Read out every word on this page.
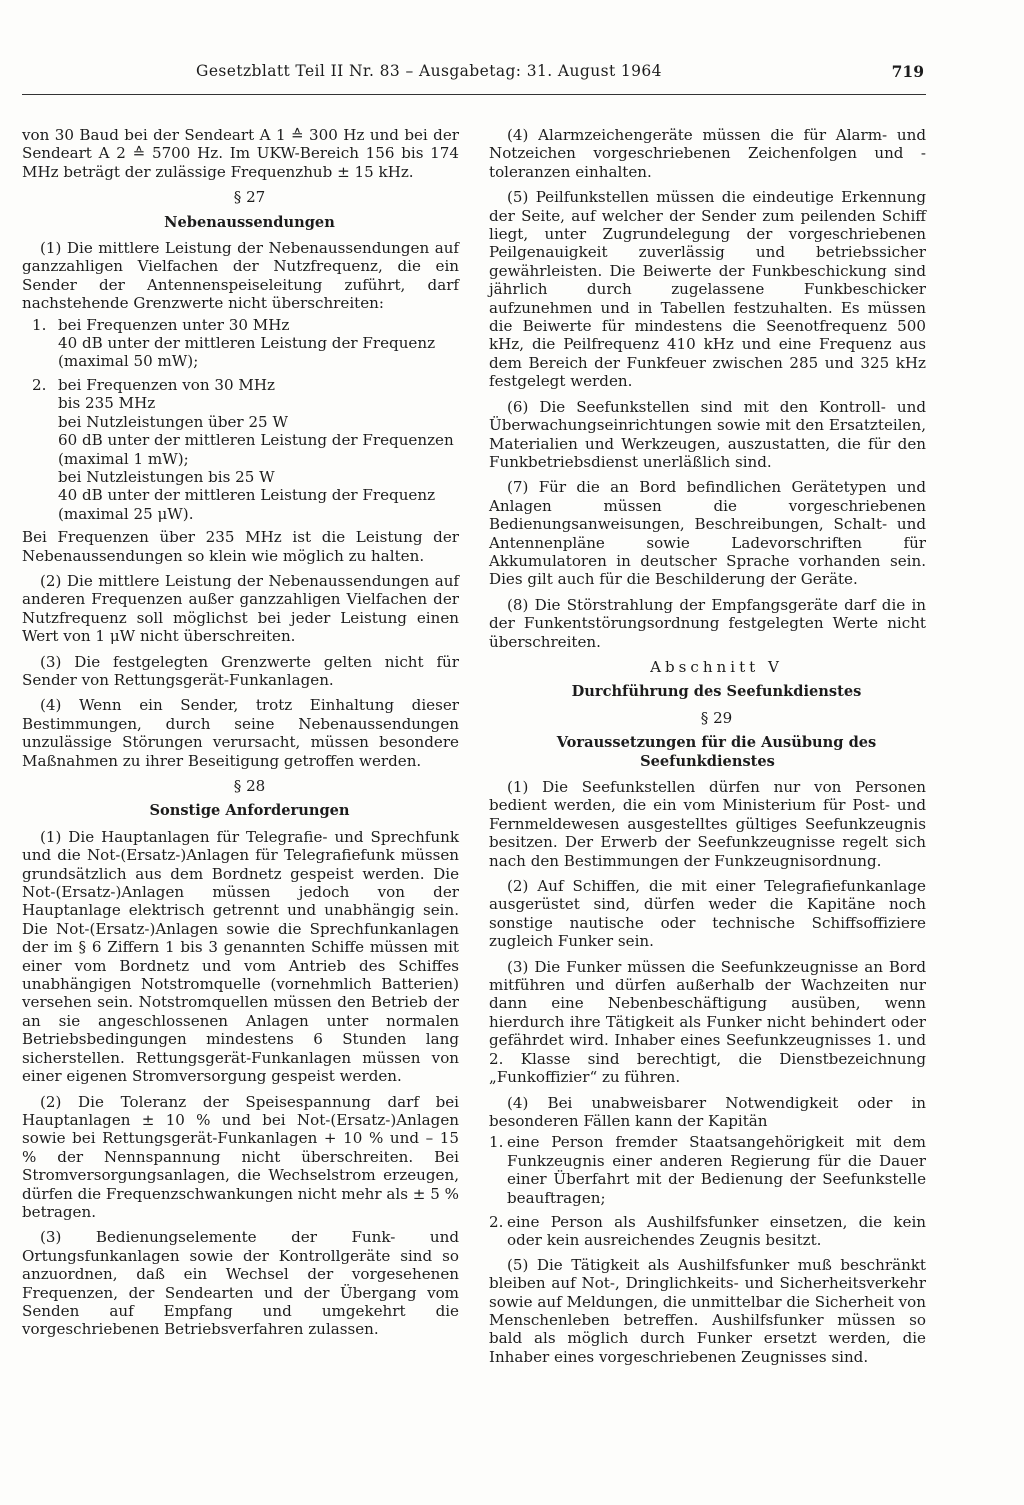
Gesetzblatt Teil II Nr. 83 – Ausgabetag: 31. August 1964	719

von 30 Baud bei der Sendeart A 1 ≙ 300 Hz und bei der Sendeart A 2 ≙ 5700 Hz. Im UKW-Bereich 156 bis 174 MHz beträgt der zulässige Frequenzhub ± 15 kHz.

§ 27

Nebenaussendungen

(1) Die mittlere Leistung der Nebenaussendungen auf ganzzahligen Vielfachen der Nutzfrequenz, die ein Sender der Antennenspeiseleitung zuführt, darf nachstehende Grenzwerte nicht überschreiten:

1. bei Frequenzen unter 30 MHz
40 dB unter der mittleren Leistung der Frequenz
(maximal 50 mW);
2. bei Frequenzen von 30 MHz
bis 235 MHz
bei Nutzleistungen über 25 W
60 dB unter der mittleren Leistung der Frequenzen
(maximal 1 mW);
bei Nutzleistungen bis 25 W
40 dB unter der mittleren Leistung der Frequenz
(maximal 25 μW).

Bei Frequenzen über 235 MHz ist die Leistung der Nebenaussendungen so klein wie möglich zu halten.

(2) Die mittlere Leistung der Nebenaussendungen auf anderen Frequenzen außer ganzzahligen Vielfachen der Nutzfrequenz soll möglichst bei jeder Leistung einen Wert von 1 μW nicht überschreiten.

(3) Die festgelegten Grenzwerte gelten nicht für Sender von Rettungsgerät-Funkanlagen.

(4) Wenn ein Sender, trotz Einhaltung dieser Bestimmungen, durch seine Nebenaussendungen unzulässige Störungen verursacht, müssen besondere Maßnahmen zu ihrer Beseitigung getroffen werden.

§ 28

Sonstige Anforderungen

(1) Die Hauptanlagen für Telegrafie- und Sprechfunk und die Not-(Ersatz-)Anlagen für Telegrafiefunk müssen grundsätzlich aus dem Bordnetz gespeist werden. Die Not-(Ersatz-)Anlagen müssen jedoch von der Hauptanlage elektrisch getrennt und unabhängig sein. Die Not-(Ersatz-)Anlagen sowie die Sprechfunkanlagen der im § 6 Ziffern 1 bis 3 genannten Schiffe müssen mit einer vom Bordnetz und vom Antrieb des Schiffes unabhängigen Notstromquelle (vornehmlich Batterien) versehen sein. Notstromquellen müssen den Betrieb der an sie angeschlossenen Anlagen unter normalen Betriebsbedingungen mindestens 6 Stunden lang sicherstellen. Rettungsgerät-Funkanlagen müssen von einer eigenen Stromversorgung gespeist werden.

(2) Die Toleranz der Speisespannung darf bei Hauptanlagen ± 10 % und bei Not-(Ersatz-)Anlagen sowie bei Rettungsgerät-Funkanlagen + 10 % und – 15 % der Nennspannung nicht überschreiten. Bei Stromversorgungsanlagen, die Wechselstrom erzeugen, dürfen die Frequenzschwankungen nicht mehr als ± 5 % betragen.

(3) Bedienungselemente der Funk- und Ortungsfunkanlagen sowie der Kontrollgeräte sind so anzuordnen, daß ein Wechsel der vorgesehenen Frequenzen, der Sendearten und der Übergang vom Senden auf Empfang und umgekehrt die vorgeschriebenen Betriebsverfahren zulassen.

(4) Alarmzeichengeräte müssen die für Alarm- und Notzeichen vorgeschriebenen Zeichenfolgen und -toleranzen einhalten.

(5) Peilfunkstellen müssen die eindeutige Erkennung der Seite, auf welcher der Sender zum peilenden Schiff liegt, unter Zugrundelegung der vorgeschriebenen Peilgenauigkeit zuverlässig und betriebssicher gewährleisten. Die Beiwerte der Funkbeschickung sind jährlich durch zugelassene Funkbeschicker aufzunehmen und in Tabellen festzuhalten. Es müssen die Beiwerte für mindestens die Seenotfrequenz 500 kHz, die Peilfrequenz 410 kHz und eine Frequenz aus dem Bereich der Funkfeuer zwischen 285 und 325 kHz festgelegt werden.

(6) Die Seefunkstellen sind mit den Kontroll- und Überwachungseinrichtungen sowie mit den Ersatzteilen, Materialien und Werkzeugen, auszustatten, die für den Funkbetriebsdienst unerläßlich sind.

(7) Für die an Bord befindlichen Gerätetypen und Anlagen müssen die vorgeschriebenen Bedienungsanweisungen, Beschreibungen, Schalt- und Antennenpläne sowie Ladevorschriften für Akkumulatoren in deutscher Sprache vorhanden sein. Dies gilt auch für die Beschilderung der Geräte.

(8) Die Störstrahlung der Empfangsgeräte darf die in der Funkentstörungsordnung festgelegten Werte nicht überschreiten.

Abschnitt V

Durchführung des Seefunkdienstes

§ 29

Voraussetzungen für die Ausübung des Seefunkdienstes

(1) Die Seefunkstellen dürfen nur von Personen bedient werden, die ein vom Ministerium für Post- und Fernmeldewesen ausgestelltes gültiges Seefunkzeugnis besitzen. Der Erwerb der Seefunkzeugnisse regelt sich nach den Bestimmungen der Funkzeugnisordnung.

(2) Auf Schiffen, die mit einer Telegrafiefunkanlage ausgerüstet sind, dürfen weder die Kapitäne noch sonstige nautische oder technische Schiffsoffiziere zugleich Funker sein.

(3) Die Funker müssen die Seefunkzeugnisse an Bord mitführen und dürfen außerhalb der Wachzeiten nur dann eine Nebenbeschäftigung ausüben, wenn hierdurch ihre Tätigkeit als Funker nicht behindert oder gefährdet wird. Inhaber eines Seefunkzeugnisses 1. und 2. Klasse sind berechtigt, die Dienstbezeichnung „Funkoffizier“ zu führen.

(4) Bei unabweisbarer Notwendigkeit oder in besonderen Fällen kann der Kapitän

1. eine Person fremder Staatsangehörigkeit mit dem Funkzeugnis einer anderen Regierung für die Dauer einer Überfahrt mit der Bedienung der Seefunkstelle beauftragen;
2. eine Person als Aushilfsfunker einsetzen, die kein oder kein ausreichendes Zeugnis besitzt.

(5) Die Tätigkeit als Aushilfsfunker muß beschränkt bleiben auf Not-, Dringlichkeits- und Sicherheitsverkehr sowie auf Meldungen, die unmittelbar die Sicherheit von Menschenleben betreffen. Aushilfsfunker müssen so bald als möglich durch Funker ersetzt werden, die Inhaber eines vorgeschriebenen Zeugnisses sind.
